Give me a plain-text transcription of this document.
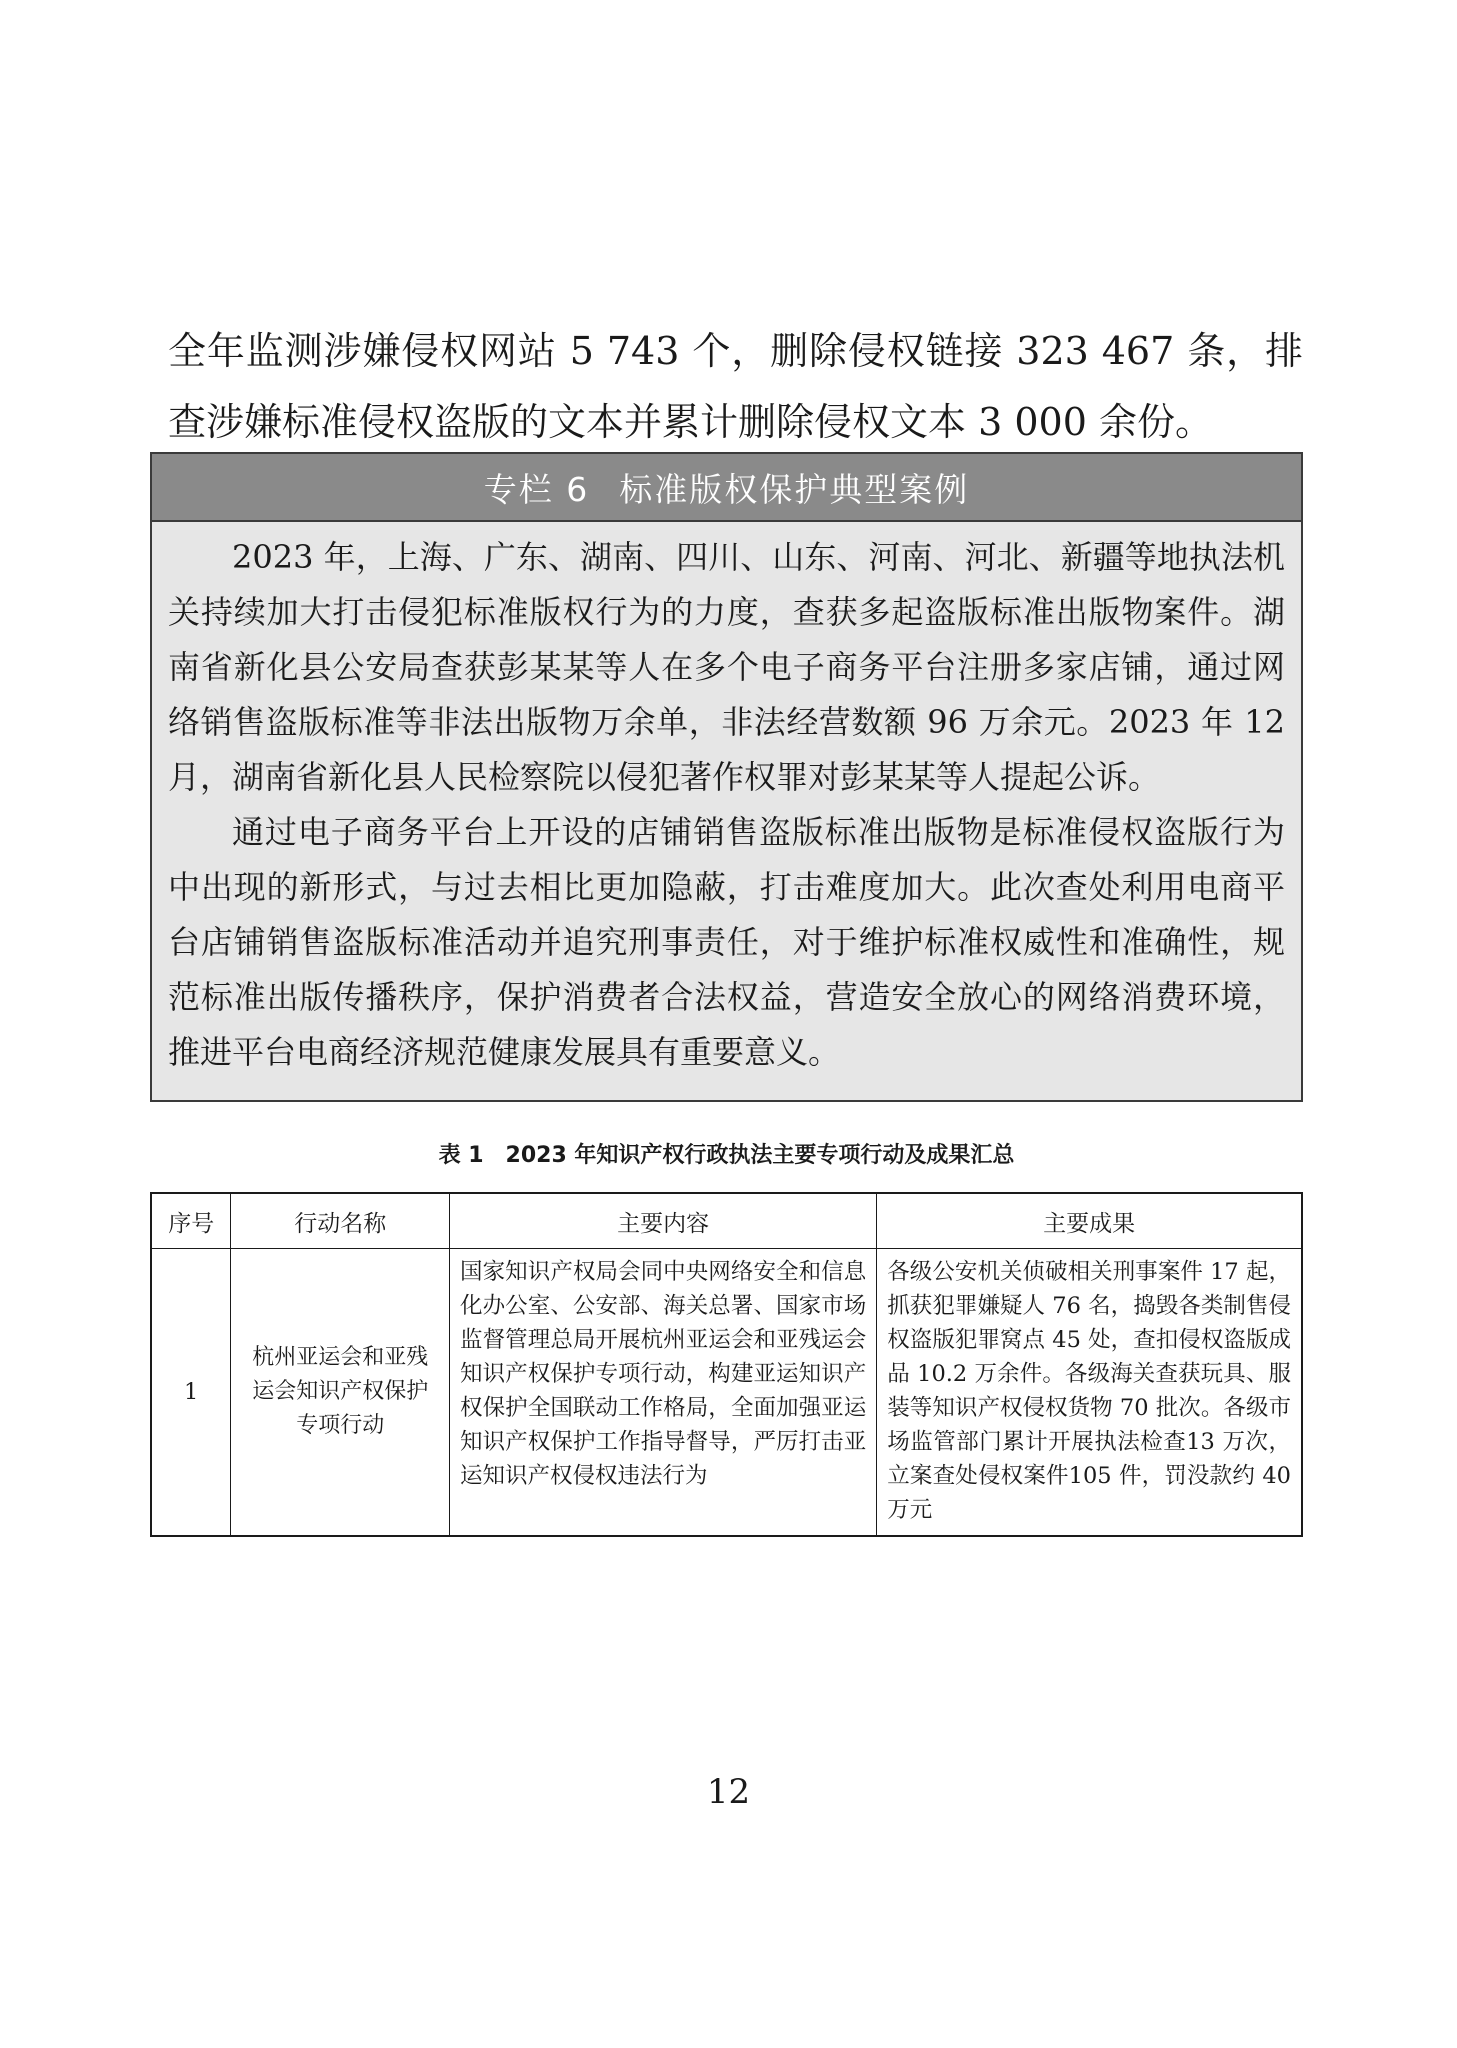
全年监测涉嫌侵权网站 5 743 个，删除侵权链接 323 467 条，排查涉嫌标准侵权盗版的文本并累计删除侵权文本 3 000 余份。

专栏 6 标准版权保护典型案例

2023 年，上海、广东、湖南、四川、山东、河南、河北、新疆等地执法机关持续加大打击侵犯标准版权行为的力度，查获多起盗版标准出版物案件。湖南省新化县公安局查获彭某某等人在多个电子商务平台注册多家店铺，通过网络销售盗版标准等非法出版物万余单，非法经营数额 96 万余元。2023 年 12 月，湖南省新化县人民检察院以侵犯著作权罪对彭某某等人提起公诉。

通过电子商务平台上开设的店铺销售盗版标准出版物是标准侵权盗版行为中出现的新形式，与过去相比更加隐蔽，打击难度加大。此次查处利用电商平台店铺销售盗版标准活动并追究刑事责任，对于维护标准权威性和准确性，规范标准出版传播秩序，保护消费者合法权益，营造安全放心的网络消费环境，推进平台电商经济规范健康发展具有重要意义。

表 1 2023 年知识产权行政执法主要专项行动及成果汇总

序号	行动名称	主要内容	主要成果
1	杭州亚运会和亚残运会知识产权保护专项行动	国家知识产权局会同中央网络安全和信息化办公室、公安部、海关总署、国家市场监督管理总局开展杭州亚运会和亚残运会知识产权保护专项行动，构建亚运知识产权保护全国联动工作格局，全面加强亚运知识产权保护工作指导督导，严厉打击亚运知识产权侵权违法行为	各级公安机关侦破相关刑事案件 17 起，抓获犯罪嫌疑人 76 名，捣毁各类制售侵权盗版犯罪窝点 45 处，查扣侵权盗版成品 10.2 万余件。各级海关查获玩具、服装等知识产权侵权货物 70 批次。各级市场监管部门累计开展执法检查13 万次，立案查处侵权案件105 件，罚没款约 40 万元

12
